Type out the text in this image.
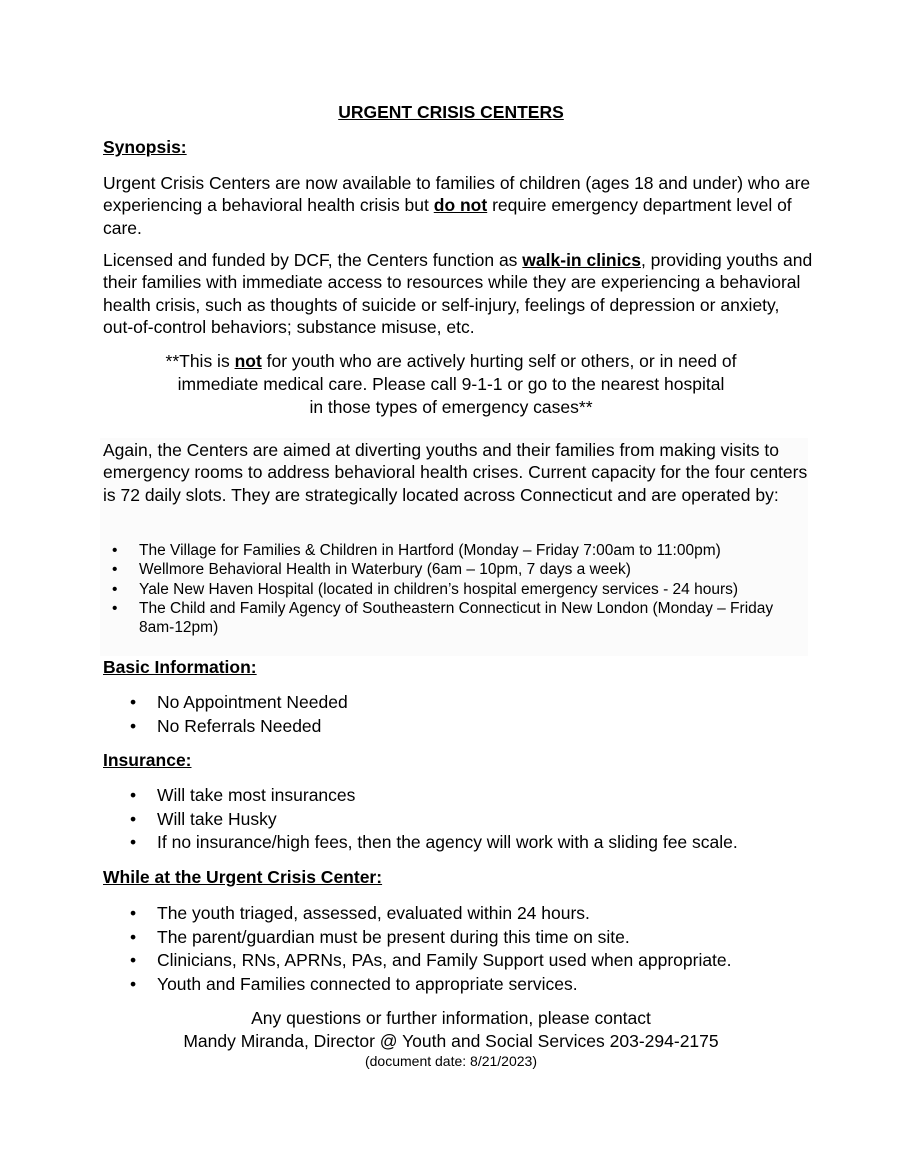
URGENT CRISIS CENTERS
Synopsis:

Urgent Crisis Centers are now available to families of children (ages 18 and under) who are experiencing a behavioral health crisis but do not require emergency department level of care.

Licensed and funded by DCF, the Centers function as walk-in clinics, providing youths and their families with immediate access to resources while they are experiencing a behavioral health crisis, such as thoughts of suicide or self-injury, feelings of depression or anxiety, out-of-control behaviors; substance misuse, etc.

**This is not for youth who are actively hurting self or others, or in need of
immediate medical care. Please call 9-1-1 or go to the nearest hospital
in those types of emergency cases**

Again, the Centers are aimed at diverting youths and their families from making visits to emergency rooms to address behavioral health crises. Current capacity for the four centers is 72 daily slots. They are strategically located across Connecticut and are operated by:

• The Village for Families & Children in Hartford (Monday – Friday 7:00am to 11:00pm)
• Wellmore Behavioral Health in Waterbury (6am – 10pm, 7 days a week)
• Yale New Haven Hospital (located in children’s hospital emergency services - 24 hours)
• The Child and Family Agency of Southeastern Connecticut in New London (Monday – Friday 8am-12pm)
Basic Information:
• No Appointment Needed
• No Referrals Needed
Insurance:
• Will take most insurances
• Will take Husky
• If no insurance/high fees, then the agency will work with a sliding fee scale.
While at the Urgent Crisis Center:
• The youth triaged, assessed, evaluated within 24 hours.
• The parent/guardian must be present during this time on site.
• Clinicians, RNs, APRNs, PAs, and Family Support used when appropriate.
• Youth and Families connected to appropriate services.

Any questions or further information, please contact
Mandy Miranda, Director @ Youth and Social Services 203-294-2175

(document date: 8/21/2023)
